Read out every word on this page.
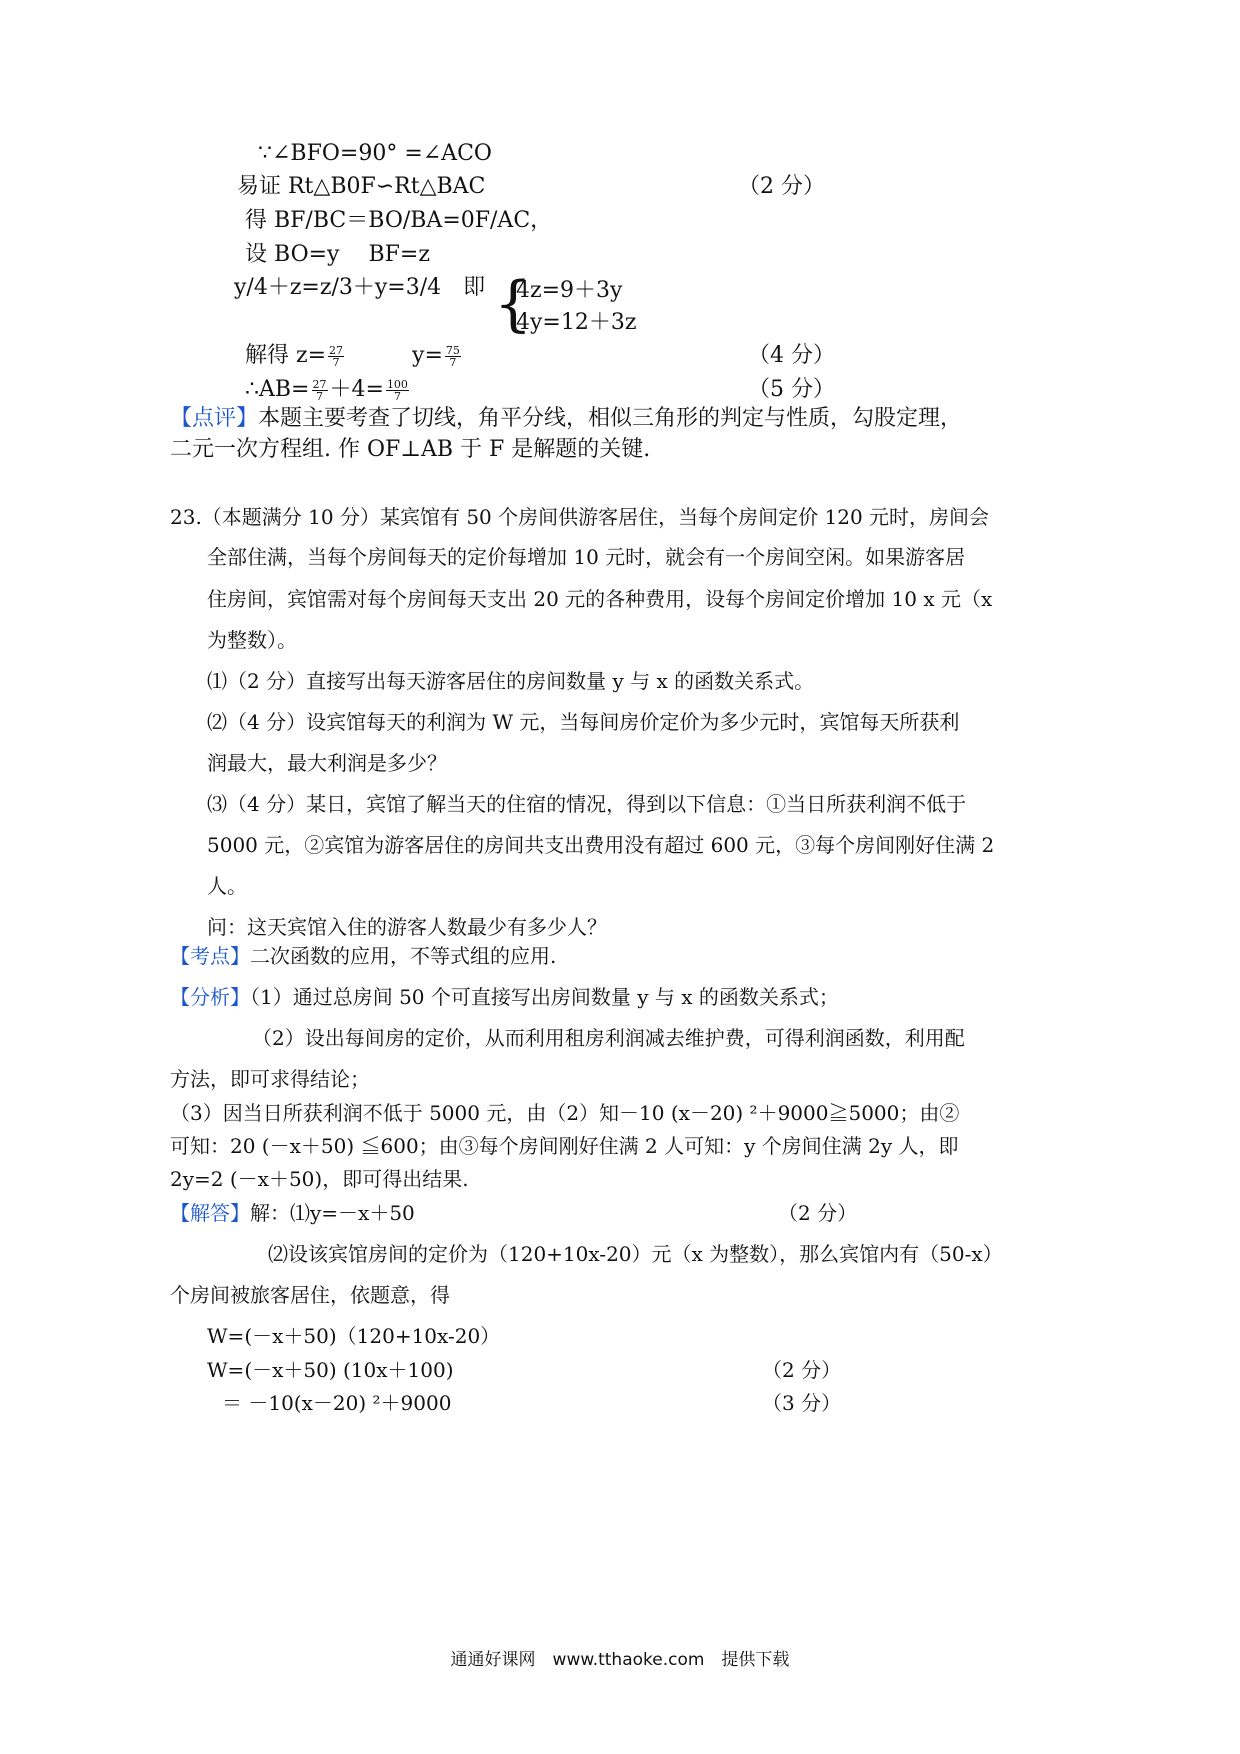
∵∠BFO=90° =∠ACO
易证 Rt△B0F∽Rt△BAC	（2 分）
得 BF/BC＝BO/BA=0F/AC，
设 BO=y　 BF=z
y/4＋z=z/3＋y=3/4　即 {
4z=9＋3y
4y=12＋3z
解得 $z= \frac{27}{7}$	$y= \frac{75}{7}$	（4 分）
∴AB= $\frac{27}{7} +4= \frac{100}{7}$	（5 分）
【点评】本题主要考查了切线，角平分线，相似三角形的判定与性质，勾股定理，
二元一次方程组. 作 OF⊥AB 于 F 是解题的关键.
23.（本题满分 10 分）某宾馆有 50 个房间供游客居住，当每个房间定价 120 元时，房间会
全部住满，当每个房间每天的定价每增加 10 元时，就会有一个房间空闲。如果游客居
住房间，宾馆需对每个房间每天支出 20 元的各种费用，设每个房间定价增加 10 x 元（x
为整数）。
⑴（2 分）直接写出每天游客居住的房间数量 y 与 x 的函数关系式。
⑵（4 分）设宾馆每天的利润为 W 元，当每间房价定价为多少元时，宾馆每天所获利
润最大，最大利润是多少？
⑶（4 分）某日，宾馆了解当天的住宿的情况，得到以下信息：①当日所获利润不低于
5000 元，②宾馆为游客居住的房间共支出费用没有超过 600 元，③每个房间刚好住满 2
人。
问：这天宾馆入住的游客人数最少有多少人？
【考点】二次函数的应用，不等式组的应用.
【分析】（1）通过总房间 50 个可直接写出房间数量 y 与 x 的函数关系式；
（2）设出每间房的定价，从而利用租房利润减去维护费，可得利润函数，利用配
方法，即可求得结论；
（3）因当日所获利润不低于 5000 元，由（2）知－10 (x－20) ²＋9000≧5000；由②
可知：20 (－x＋50) ≦600；由③每个房间刚好住满 2 人可知：y 个房间住满 2y 人，即
2y=2 (－x＋50)，即可得出结果.
【解答】解：⑴y=－x＋50	（2 分）
⑵设该宾馆房间的定价为（120+10x-20）元（x 为整数），那么宾馆内有（50-x）
个房间被旅客居住，依题意，得
W=(－x＋50)（120+10x-20）
W=(－x＋50) (10x＋100)	（2 分）
＝ －10(x－20) ²＋9000	（3 分）
通通好课网　www.tthaoke.com　提供下载
